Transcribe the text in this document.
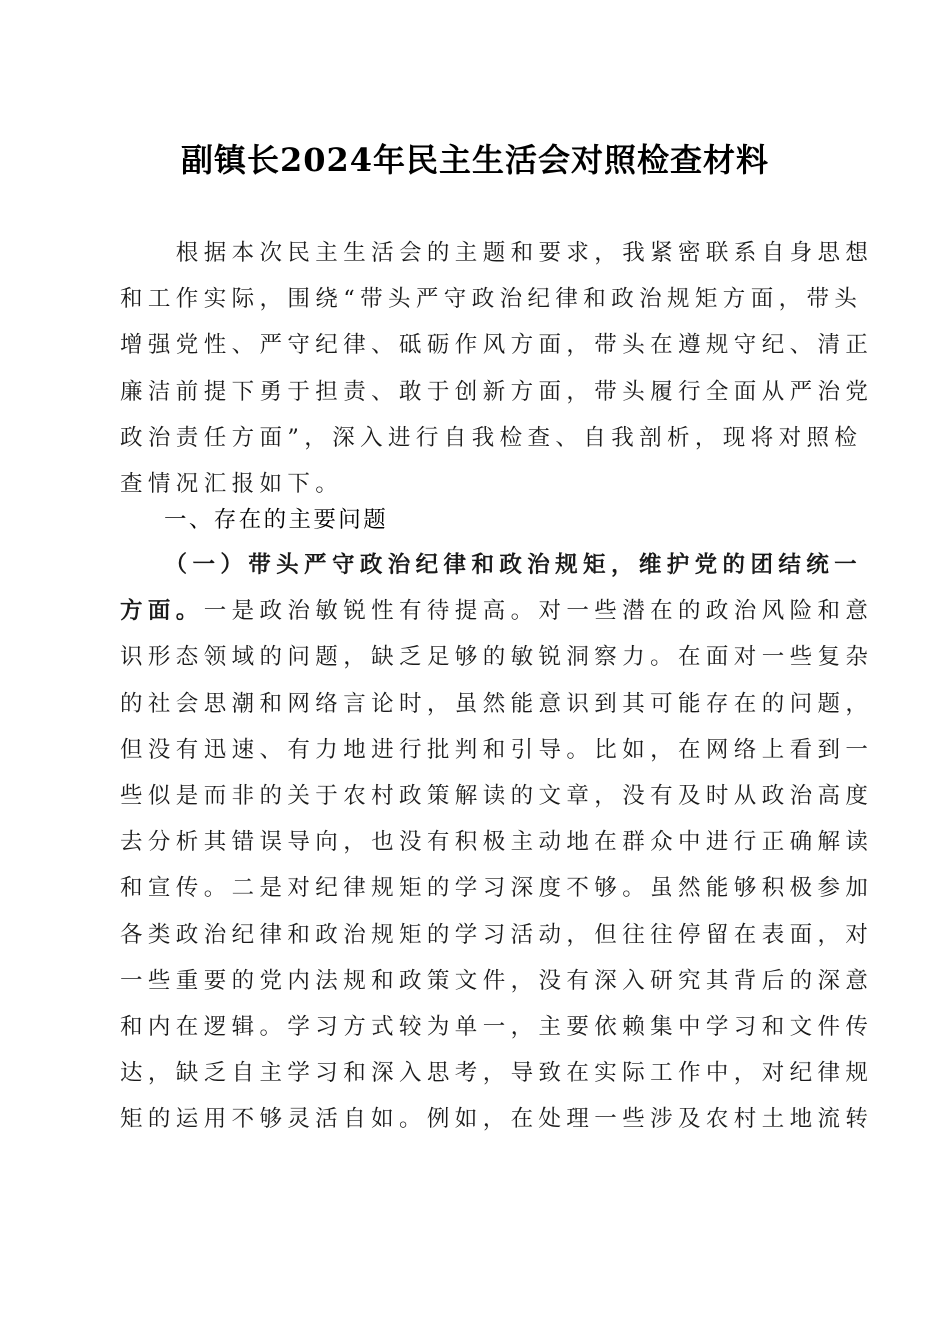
副镇长2024年民主生活会对照检查材料
　　根据本次民主生活会的主题和要求，我紧密联系自身思想
和工作实际，围绕“带头严守政治纪律和政治规矩方面，带头
增强党性、严守纪律、砥砺作风方面，带头在遵规守纪、清正
廉洁前提下勇于担责、敢于创新方面，带头履行全面从严治党
政治责任方面”，深入进行自我检查、自我剖析，现将对照检
查情况汇报如下。
一、存在的主要问题
　　（一）带头严守政治纪律和政治规矩，维护党的团结统一
方面。一是政治敏锐性有待提高。对一些潜在的政治风险和意
识形态领域的问题，缺乏足够的敏锐洞察力。在面对一些复杂
的社会思潮和网络言论时，虽然能意识到其可能存在的问题，
但没有迅速、有力地进行批判和引导。比如，在网络上看到一
些似是而非的关于农村政策解读的文章，没有及时从政治高度
去分析其错误导向，也没有积极主动地在群众中进行正确解读
和宣传。二是对纪律规矩的学习深度不够。虽然能够积极参加
各类政治纪律和政治规矩的学习活动，但往往停留在表面，对
一些重要的党内法规和政策文件，没有深入研究其背后的深意
和内在逻辑。学习方式较为单一，主要依赖集中学习和文件传
达，缺乏自主学习和深入思考，导致在实际工作中，对纪律规
矩的运用不够灵活自如。例如，在处理一些涉及农村土地流转
